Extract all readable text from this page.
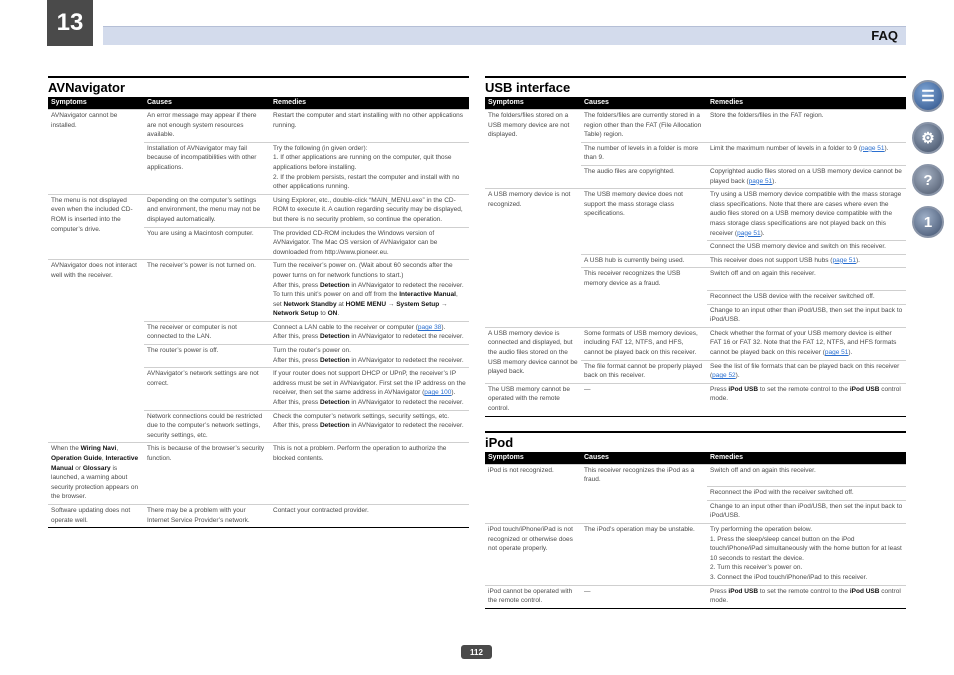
13	FAQ
☰
⚙
?
1
AVNavigator
Symptoms	Causes	Remedies

AVNavigator cannot be installed.	An error message may appear if there are not enough system resources available.	Restart the computer and start installing with no other applications running.

	Installation of AVNavigator may fail because of incompatibilities with other applications.	Try the following (in given order):
1. If other applications are running on the computer, quit those applications before installing.
2. If the problem persists, restart the computer and install with no other applications running.

The menu is not displayed even when the included CD-ROM is inserted into the computer’s drive.	Depending on the computer’s settings and environment, the menu may not be displayed automatically.	Using Explorer, etc., double-click “MAIN_MENU.exe” in the CD-ROM to execute it. A caution regarding security may be displayed, but there is no security problem, so continue the operation.

	You are using a Macintosh computer.	The provided CD-ROM includes the Windows version of AVNavigator. The Mac OS version of AVNavigator can be downloaded from http://www.pioneer.eu.

AVNavigator does not interact well with the receiver.	The receiver’s power is not turned on.	Turn the receiver’s power on. (Wait about 60 seconds after the power turns on for network functions to start.)
After this, press Detection in AVNavigator to redetect the receiver.
To turn this unit’s power on and off from the Interactive Manual, set Network Standby at HOME MENU → System Setup → Network Setup to ON.

	The receiver or computer is not connected to the LAN.	Connect a LAN cable to the receiver or computer (page 38).
After this, press Detection in AVNavigator to redetect the receiver.

	The router’s power is off.	Turn the router’s power on.
After this, press Detection in AVNavigator to redetect the receiver.

	AVNavigator’s network settings are not correct.	If your router does not support DHCP or UPnP, the receiver’s IP address must be set in AVNavigator. First set the IP address on the receiver, then set the same address in AVNavigator (page 100).
After this, press Detection in AVNavigator to redetect the receiver.

	Network connections could be restricted due to the computer’s network settings, security settings, etc.	Check the computer’s network settings, security settings, etc.
After this, press Detection in AVNavigator to redetect the receiver.

When the Wiring Navi, Operation Guide, Interactive Manual or Glossary is launched, a warning about security protection appears on the browser.	This is because of the browser’s security function.	This is not a problem. Perform the operation to authorize the blocked contents.

Software updating does not operate well.	There may be a problem with your Internet Service Provider’s network.	Contact your contracted provider.
USB interface
Symptoms	Causes	Remedies

The folders/files stored on a USB memory device are not displayed.	The folders/files are currently stored in a region other than the FAT (File Allocation Table) region.	Store the folders/files in the FAT region.

	The number of levels in a folder is more than 9.	Limit the maximum number of levels in a folder to 9 (page 51).

	The audio files are copyrighted.	Copyrighted audio files stored on a USB memory device cannot be played back (page 51).

A USB memory device is not recognized.	The USB memory device does not support the mass storage class specifications.	Try using a USB memory device compatible with the mass storage class specifications. Note that there are cases where even the audio files stored on a USB memory device compatible with the mass storage class specifications are not played back on this receiver (page 51).

		Connect the USB memory device and switch on this receiver.

	A USB hub is currently being used.	This receiver does not support USB hubs (page 51).

	This receiver recognizes the USB memory device as a fraud.	Switch off and on again this receiver.

		Reconnect the USB device with the receiver switched off.

		Change to an input other than iPod/USB, then set the input back to iPod/USB.

A USB memory device is connected and displayed, but the audio files stored on the USB memory device cannot be played back.	Some formats of USB memory devices, including FAT 12, NTFS, and HFS, cannot be played back on this receiver.	Check whether the format of your USB memory device is either FAT 16 or FAT 32. Note that the FAT 12, NTFS, and HFS formats cannot be played back on this receiver (page 51).

	The file format cannot be properly played back on this receiver.	See the list of file formats that can be played back on this receiver (page 52).

The USB memory cannot be operated with the remote control.	—	Press iPod USB to set the remote control to the iPod USB control mode.
iPod
Symptoms	Causes	Remedies

iPod is not recognized.	This receiver recognizes the iPod as a fraud.	Switch off and on again this receiver.

		Reconnect the iPod with the receiver switched off.

		Change to an input other than iPod/USB, then set the input back to iPod/USB.

iPod touch/iPhone/iPad is not recognized or otherwise does not operate properly.	The iPod’s operation may be unstable.	Try performing the operation below.
1. Press the sleep/sleep cancel button on the iPod touch/iPhone/iPad simultaneously with the home button for at least 10 seconds to restart the device.
2. Turn this receiver’s power on.
3. Connect the iPod touch/iPhone/iPad to this receiver.

iPod cannot be operated with the remote control.	—	Press iPod USB to set the remote control to the iPod USB control mode.
112
